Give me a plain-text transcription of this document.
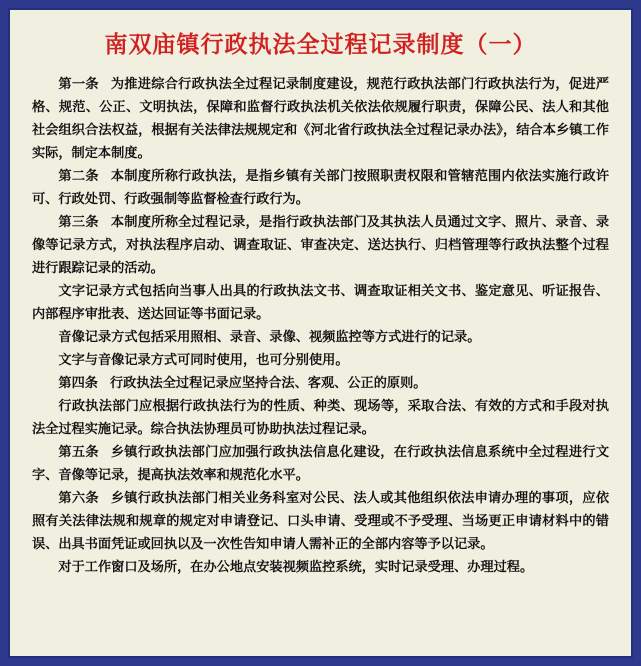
南双庙镇行政执法全过程记录制度（一）

第一条 为推进综合行政执法全过程记录制度建设，规范行政执法部门行政执法行为，促进严格、规范、公正、文明执法，保障和监督行政执法机关依法依规履行职责，保障公民、法人和其他社会组织合法权益，根据有关法律法规规定和《河北省行政执法全过程记录办法》，结合本乡镇工作实际，制定本制度。

第二条 本制度所称行政执法，是指乡镇有关部门按照职责权限和管辖范围内依法实施行政许可、行政处罚、行政强制等监督检查行政行为。

第三条 本制度所称全过程记录，是指行政执法部门及其执法人员通过文字、照片、录音、录像等记录方式，对执法程序启动、调查取证、审查决定、送达执行、归档管理等行政执法整个过程进行跟踪记录的活动。

文字记录方式包括向当事人出具的行政执法文书、调查取证相关文书、鉴定意见、听证报告、内部程序审批表、送达回证等书面记录。

音像记录方式包括采用照相、录音、录像、视频监控等方式进行的记录。

文字与音像记录方式可同时使用，也可分别使用。

第四条 行政执法全过程记录应坚持合法、客观、公正的原则。

行政执法部门应根据行政执法行为的性质、种类、现场等，采取合法、有效的方式和手段对执法全过程实施记录。综合执法协理员可协助执法过程记录。

第五条 乡镇行政执法部门应加强行政执法信息化建设，在行政执法信息系统中全过程进行文字、音像等记录，提高执法效率和规范化水平。

第六条 乡镇行政执法部门相关业务科室对公民、法人或其他组织依法申请办理的事项，应依照有关法律法规和规章的规定对申请登记、口头申请、受理或不予受理、当场更正申请材料中的错误、出具书面凭证或回执以及一次性告知申请人需补正的全部内容等予以记录。

对于工作窗口及场所，在办公地点安装视频监控系统，实时记录受理、办理过程。
